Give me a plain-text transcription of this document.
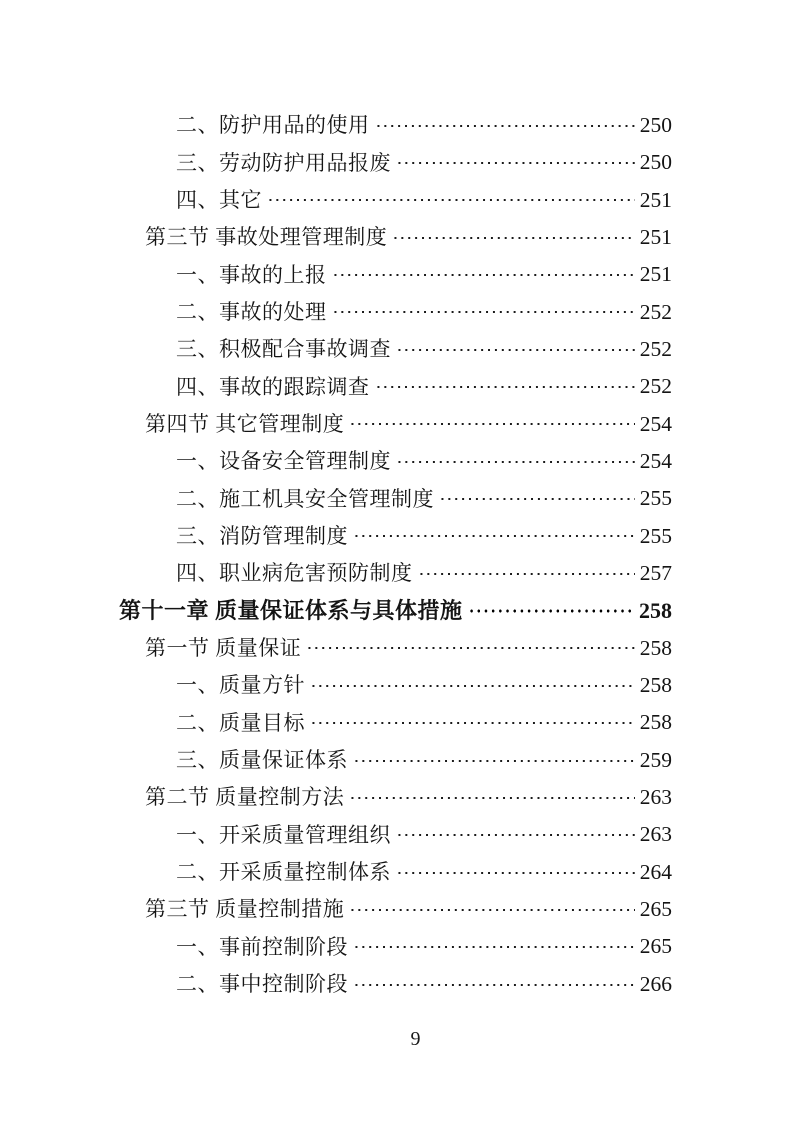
二、防护用品的使用	250
三、劳动防护用品报废	250
四、其它	251
第三节 事故处理管理制度	251
一、事故的上报	251
二、事故的处理	252
三、积极配合事故调查	252
四、事故的跟踪调查	252
第四节 其它管理制度	254
一、设备安全管理制度	254
二、施工机具安全管理制度	255
三、消防管理制度	255
四、职业病危害预防制度	257
第十一章 质量保证体系与具体措施	258
第一节 质量保证	258
一、质量方针	258
二、质量目标	258
三、质量保证体系	259
第二节 质量控制方法	263
一、开采质量管理组织	263
二、开采质量控制体系	264
第三节 质量控制措施	265
一、事前控制阶段	265
二、事中控制阶段	266
9
